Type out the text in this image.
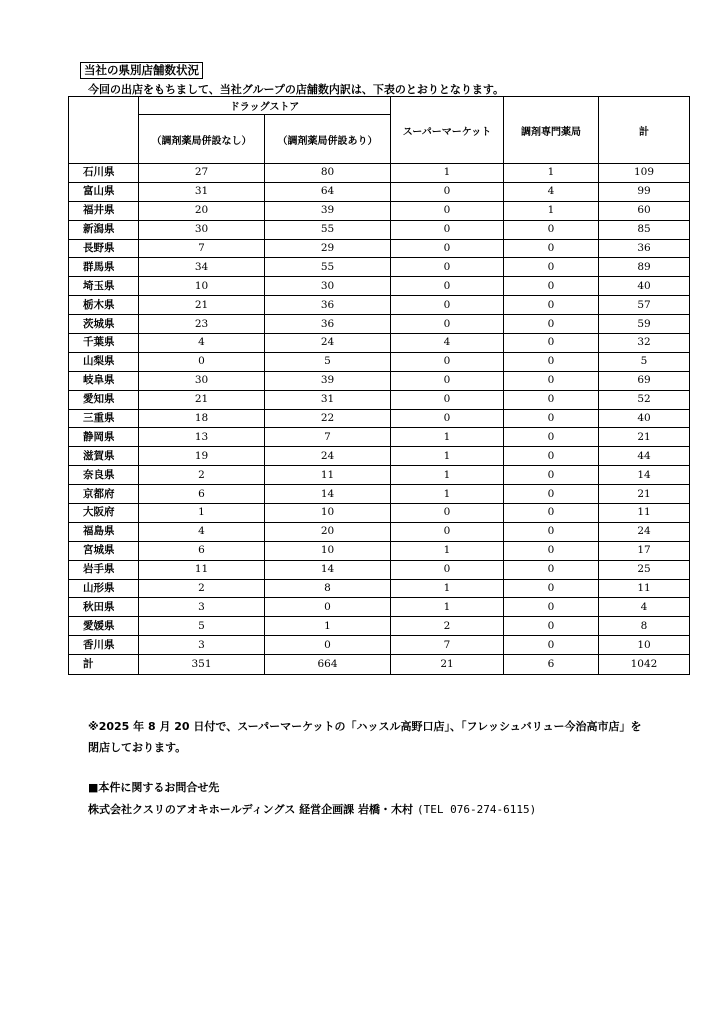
当社の県別店舗数状況
今回の出店をもちまして、当社グループの店舗数内訳は、下表のとおりとなります。
	ドラッグストア		スーパーマーケット	調剤専門薬局	計
	（調剤薬局併設なし）	（調剤薬局併設あり）			
石川県	27	80	1	1	109
富山県	31	64	0	4	99
福井県	20	39	0	1	60
新潟県	30	55	0	0	85
長野県	7	29	0	0	36
群馬県	34	55	0	0	89
埼玉県	10	30	0	0	40
栃木県	21	36	0	0	57
茨城県	23	36	0	0	59
千葉県	4	24	4	0	32
山梨県	0	5	0	0	5
岐阜県	30	39	0	0	69
愛知県	21	31	0	0	52
三重県	18	22	0	0	40
静岡県	13	7	1	0	21
滋賀県	19	24	1	0	44
奈良県	2	11	1	0	14
京都府	6	14	1	0	21
大阪府	1	10	0	0	11
福島県	4	20	0	0	24
宮城県	6	10	1	0	17
岩手県	11	14	0	0	25
山形県	2	8	1	0	11
秋田県	3	0	1	0	4
愛媛県	5	1	2	0	8
香川県	3	0	7	0	10
計	351	664	21	6	1042
※2025 年 8 月 20 日付で、スーパーマーケットの「ハッスル高野口店」、「フレッシュバリュー今治高市店」を
閉店しております。
■本件に関するお問合せ先
株式会社クスリのアオキホールディングス 経営企画課 岩橋・木村 (TEL 076-274-6115)
